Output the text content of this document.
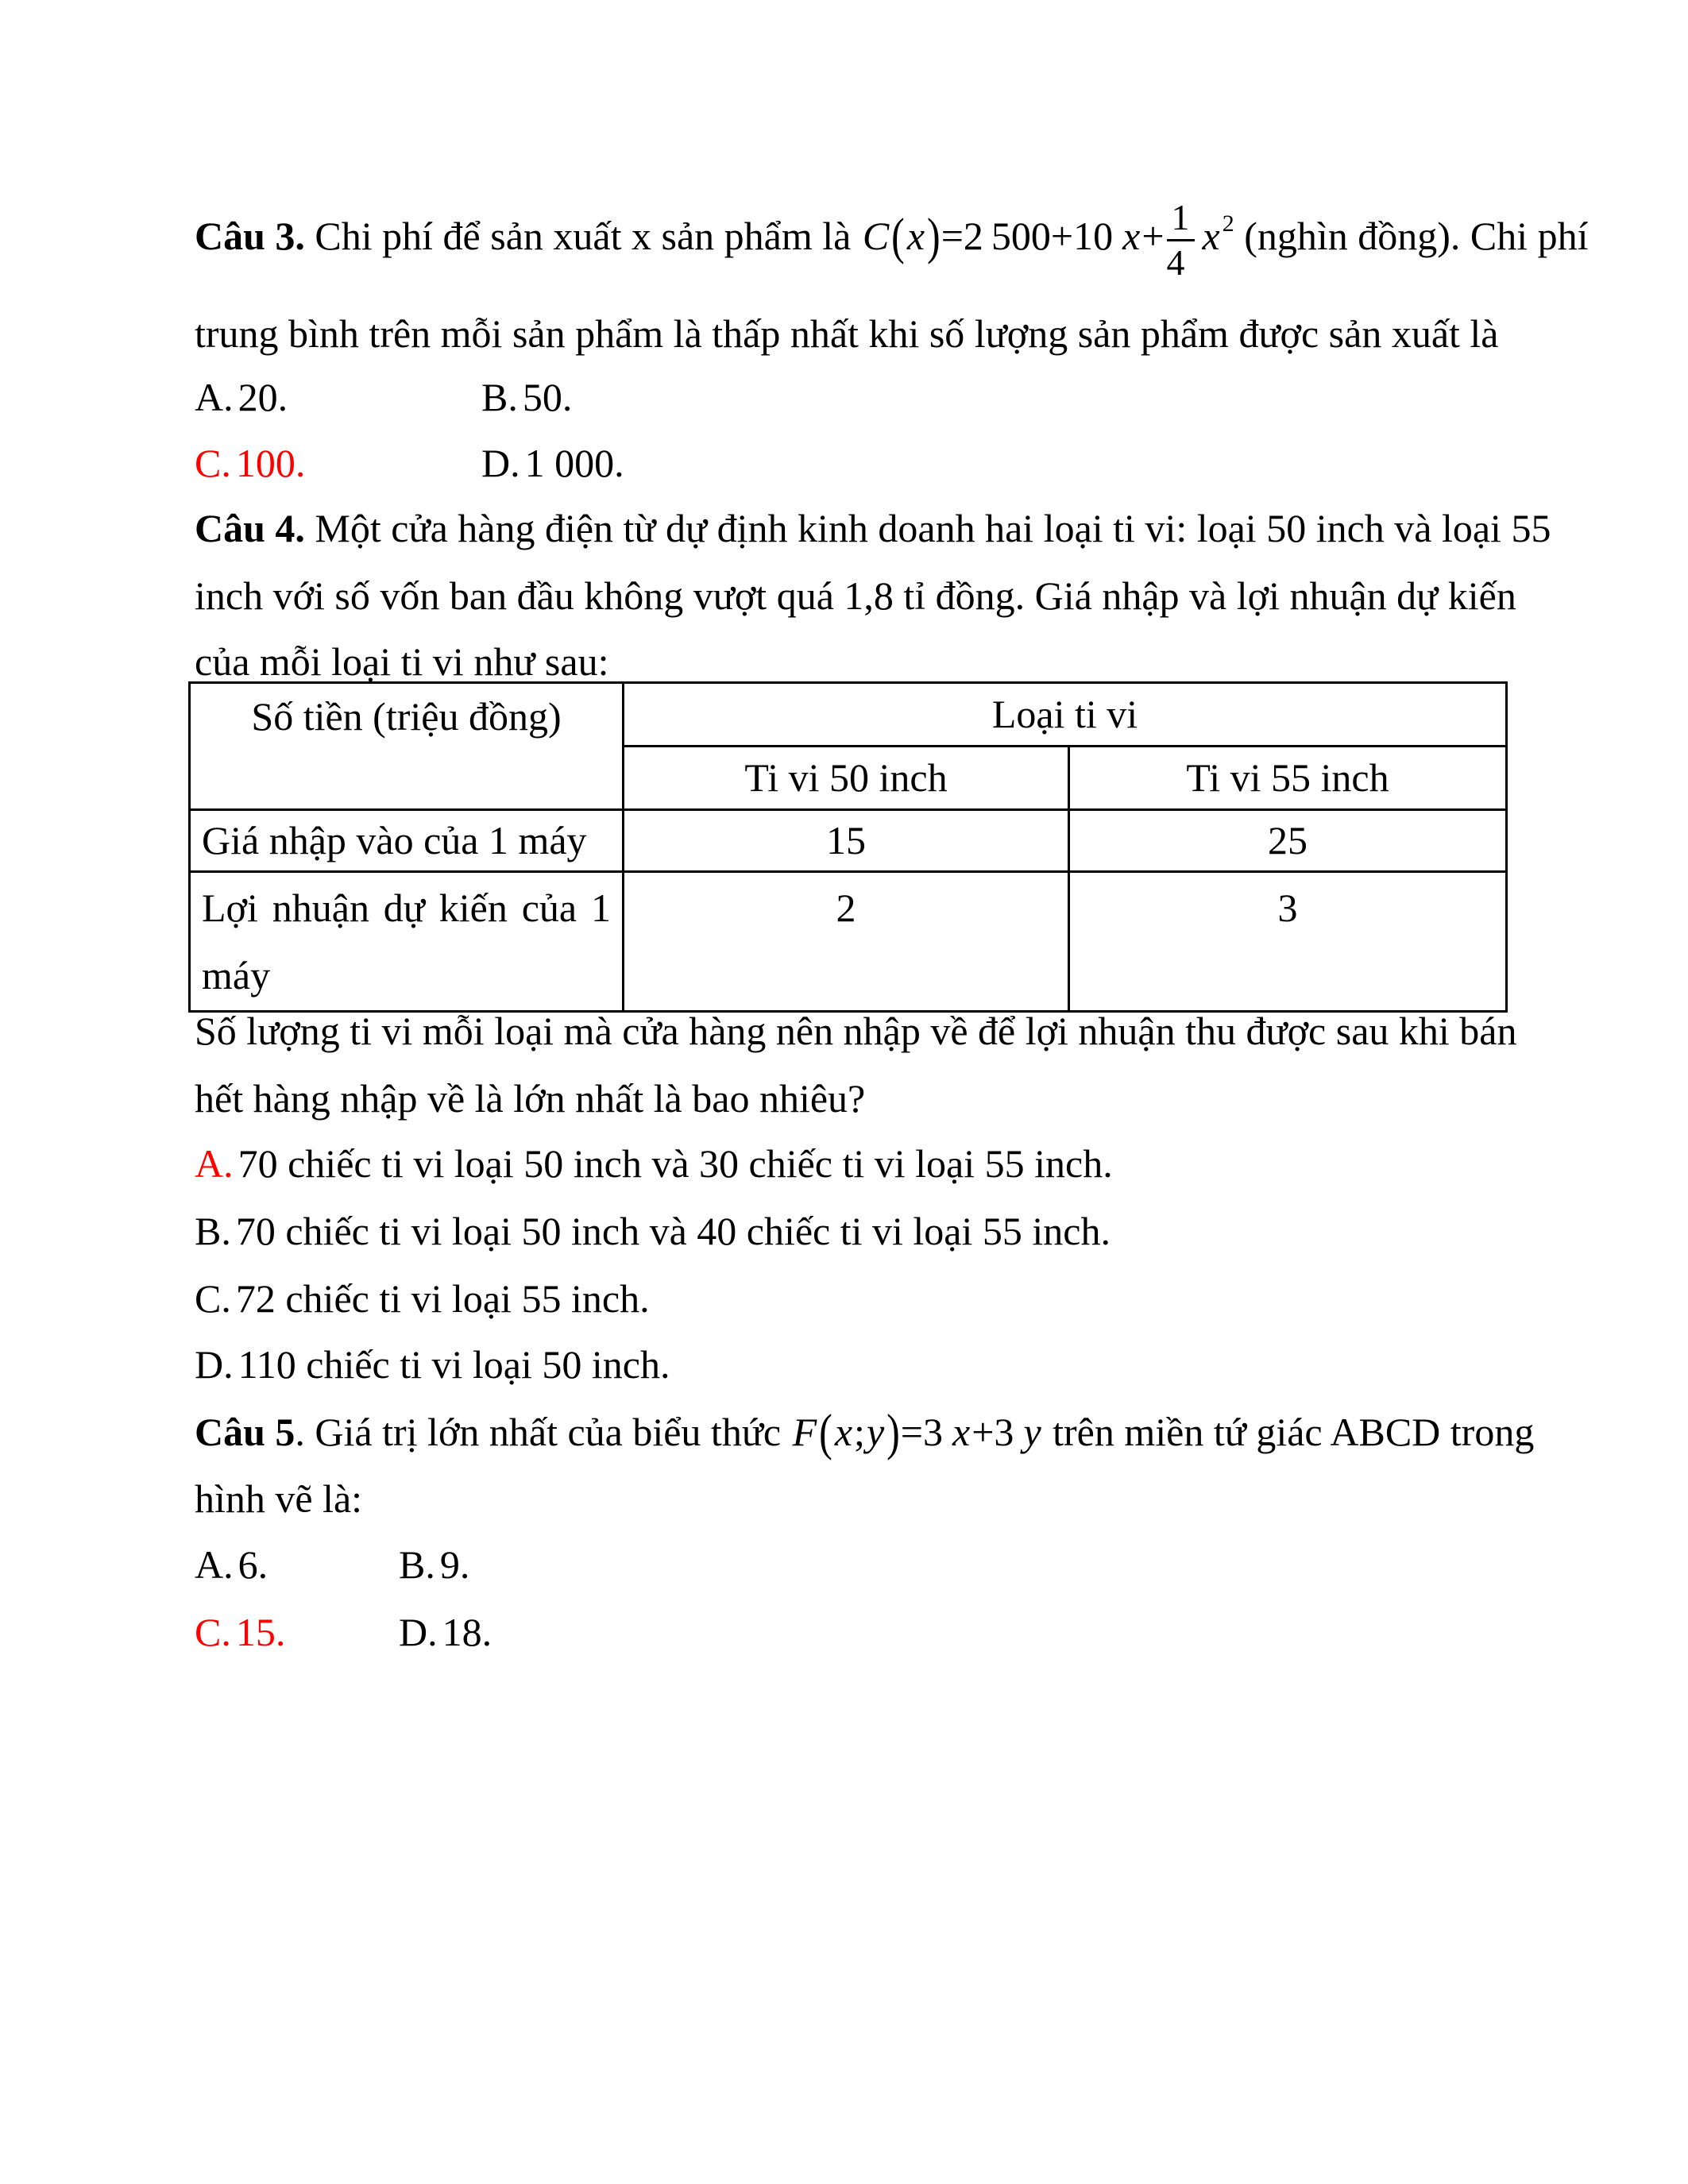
Câu 3. Chi phí để sản xuất x sản phẩm là C(x)=2 500+10 $x+ \frac{1}{4}$ x $^2$ (nghìn đồng). Chi phí
trung bình trên mỗi sản phẩm là thấp nhất khi số lượng sản phẩm được sản xuất là
A. 20.	B. 50.
C. 100.	D. 1 000.
Câu 4. Một cửa hàng điện từ dự định kinh doanh hai loại ti vi: loại 50 inch và loại 55
inch với số vốn ban đầu không vượt quá 1,8 tỉ đồng. Giá nhập và lợi nhuận dự kiến
của mỗi loại ti vi như sau:
Số tiền (triệu đồng)	Loại ti vi	
	Ti vi 50 inch	Ti vi 55 inch
Giá nhập vào của 1 máy	15	25
Lợi nhuận dự kiến của 1 máy	2	3
Số lượng ti vi mỗi loại mà cửa hàng nên nhập về để lợi nhuận thu được sau khi bán
hết hàng nhập về là lớn nhất là bao nhiêu?
A. 70 chiếc ti vi loại 50 inch và 30 chiếc ti vi loại 55 inch.
B. 70 chiếc ti vi loại 50 inch và 40 chiếc ti vi loại 55 inch.
C. 72 chiếc ti vi loại 55 inch.
D. 110 chiếc ti vi loại 50 inch.
Câu 5. Giá trị lớn nhất của biểu thức F(x;y)=3 x+3 y trên miền tứ giác ABCD trong
hình vẽ là:
A. 6.	B. 9.
C. 15.	D. 18.
